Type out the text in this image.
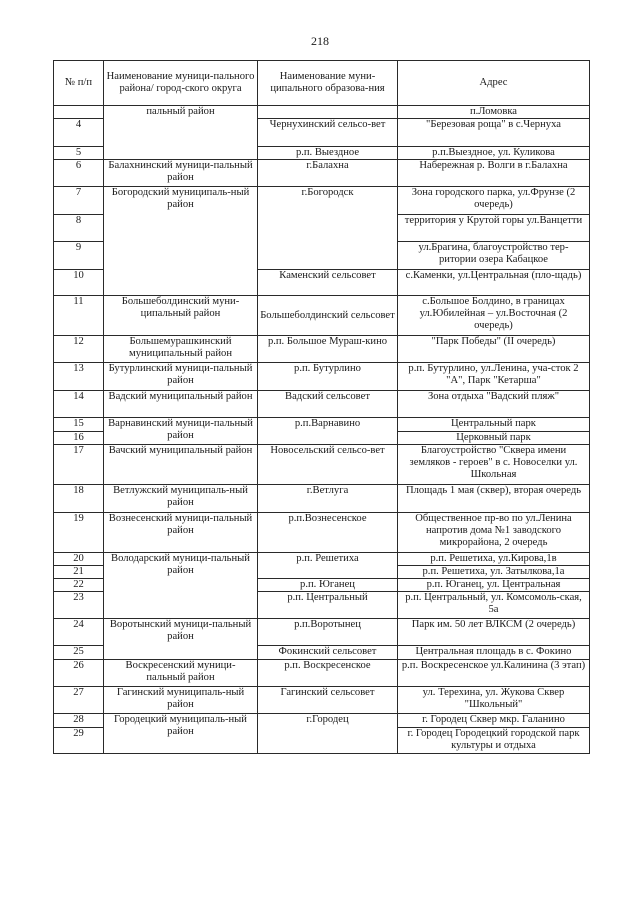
218
№ п/п	Наименование муници-пального района/ город-ского округа	Наименование муни-ципального образова-ния	Адрес
	пальный район		п.Ломовка
4		Чернухинский сельсо-вет	"Березовая роща" в с.Чернуха
5		р.п. Выездное	р.п.Выездное, ул. Куликова
6	Балахнинский муници-пальный район	г.Балахна	Набережная р. Волги в г.Балахна
7	Богородский муниципаль-ный район	г.Богородск	Зона городского парка, ул.Фрунзе (2 очередь)
8			территория у Крутой горы ул.Ванцетти
9			ул.Брагина, благоустройство тер-ритории озера Кабацкое
10		Каменский сельсовет	с.Каменки, ул.Центральная (пло-щадь)
11	Большеболдинский муни-ципальный район	Большеболдинский сельсовет	с.Большое Болдино, в границах ул.Юбилейная – ул.Восточная (2 очередь)
12	Большемурашкинский муниципальный район	р.п. Большое Мураш-кино	"Парк Победы" (II очередь)
13	Бутурлинский муници-пальный район	р.п. Бутурлино	р.п. Бутурлино, ул.Ленина, уча-сток 2 "А", Парк "Кетарша"
14	Вадский муниципальный район	Вадский сельсовет	Зона отдыха "Вадский пляж"
15	Варнавинский муници-пальный район	р.п.Варнавино	Центральный парк
16			Церковный парк
17	Вачский муниципальный район	Новосельский сельсо-вет	Благоустройство "Сквера имени земляков - героев" в с. Новоселки ул. Школьная
18	Ветлужский муниципаль-ный район	г.Ветлуга	Площадь 1 мая (сквер), вторая очередь
19	Вознесенский муници-пальный район	р.п.Вознесенское	Общественное пр-во по ул.Ленина напротив дома №1 заводского микрорайона, 2 очередь
20	Володарский муници-пальный район	р.п. Решетиха	р.п. Решетиха, ул.Кирова,1в
21			р.п. Решетиха, ул. Затылкова,1а
22		р.п. Юганец	р.п. Юганец, ул. Центральная
23		р.п. Центральный	р.п. Центральный, ул. Комсомоль-ская, 5а
24	Воротынский муници-пальный район	р.п.Воротынец	Парк им. 50 лет ВЛКСМ (2 очередь)
25		Фокинский сельсовет	Центральная площадь в с. Фокино
26	Воскресенский муници-пальный район	р.п. Воскресенское	р.п. Воскресенское ул.Калинина (3 этап)
27	Гагинский муниципаль-ный район	Гагинский сельсовет	ул. Терехина, ул. Жукова Сквер "Школьный"
28	Городецкий муниципаль-ный район	г.Городец	г. Городец Сквер мкр. Галанино
29			г. Городец Городецкий городской парк культуры и отдыха
